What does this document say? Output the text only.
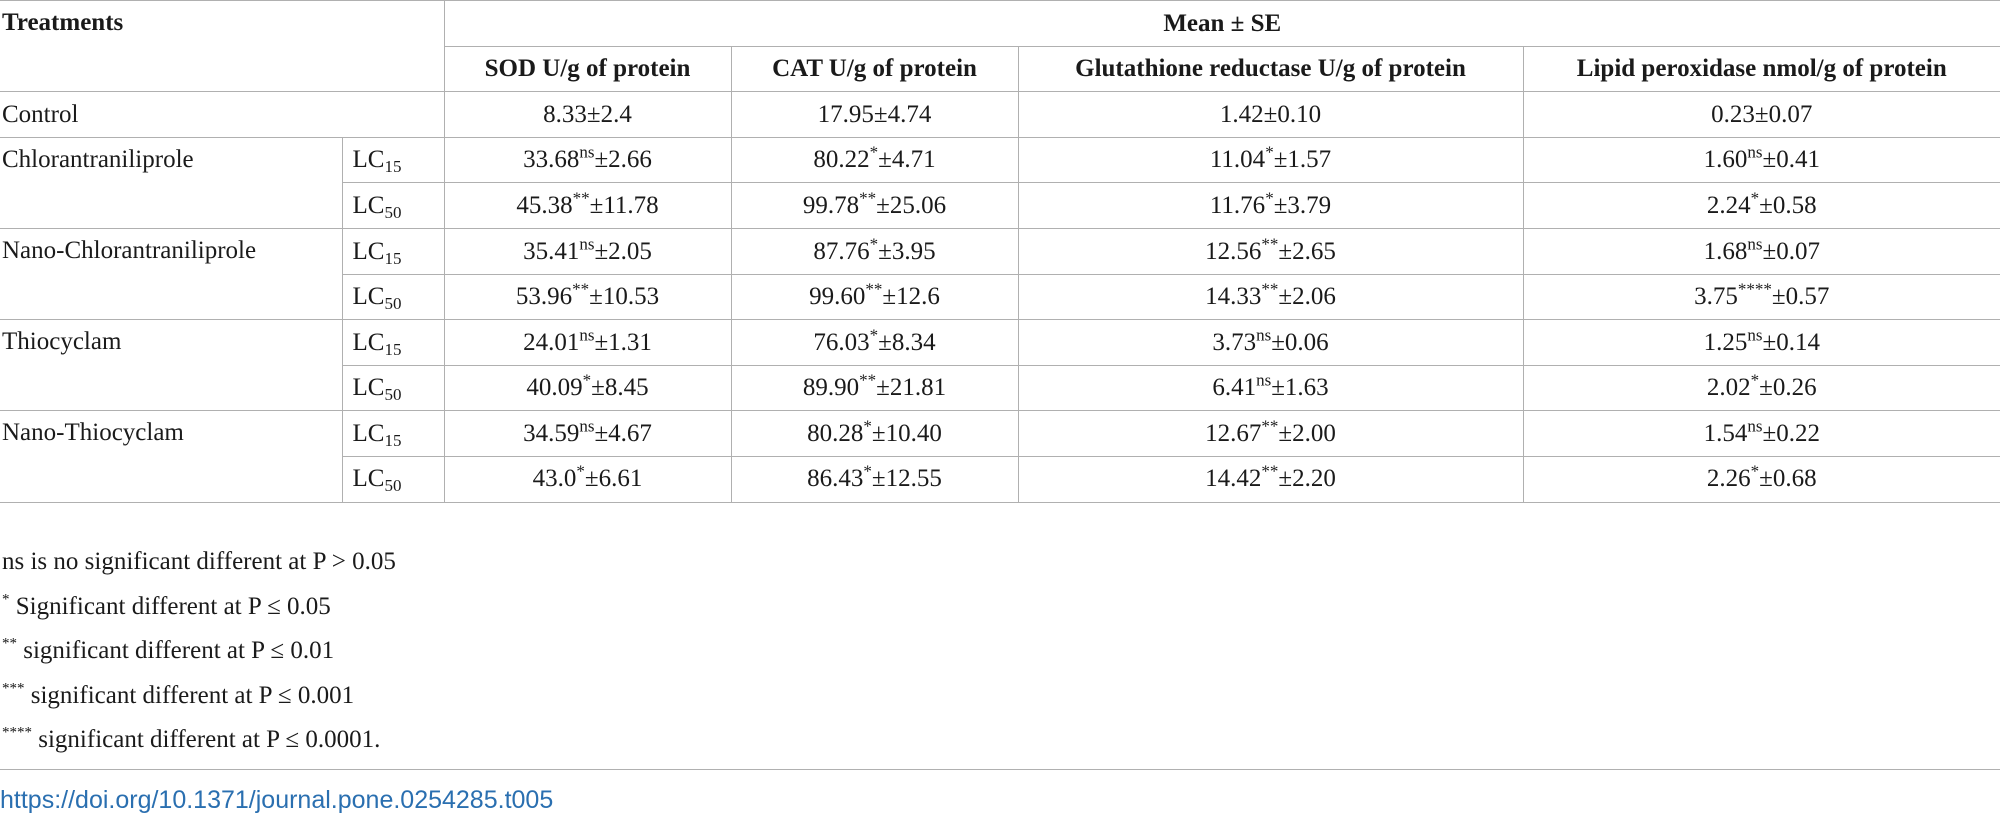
Treatments		Mean ± SE			
		SOD U/g of protein	CAT U/g of protein	Glutathione reductase U/g of protein	Lipid peroxidase nmol/g of protein
Control		8.33±2.4	17.95±4.74	1.42±0.10	0.23±0.07
Chlorantraniliprole	$LC_{15}$	$33.68^{ns}\pm 2.66$	80.22*±4.71	11.04*±1.57	$1.60^{ns}\pm 0.41$
	$LC_{50}$	45.38**±11.78	99.78**±25.06	11.76*±3.79	2.24*±0.58
Nano-Chlorantraniliprole	$LC_{15}$	$35.41^{ns}\pm 2.05$	87.76*±3.95	12.56**±2.65	$1.68^{ns}\pm 0.07$
	$LC_{50}$	53.96**±10.53	99.60**±12.6	14.33**±2.06	3.75****±0.57
Thiocyclam	$LC_{15}$	$24.01^{ns}\pm 1.31$	76.03*±8.34	$3.73^{ns}\pm 0.06$	$1.25^{ns}\pm 0.14$
	$LC_{50}$	40.09*±8.45	89.90**±21.81	$6.41^{ns}\pm 1.63$	2.02*±0.26
Nano-Thiocyclam	$LC_{15}$	$34.59^{ns}\pm 4.67$	80.28*±10.40	12.67**±2.00	$1.54^{ns}\pm 0.22$
	$LC_{50}$	43.0*±6.61	86.43*±12.55	14.42**±2.20	2.26*±0.68
ns is no significant different at P > 0.05
* Significant different at P ≤ 0.05
** significant different at P ≤ 0.01
*** significant different at P ≤ 0.001
**** significant different at P ≤ 0.0001.
https://doi.org/10.1371/journal.pone.0254285.t005
